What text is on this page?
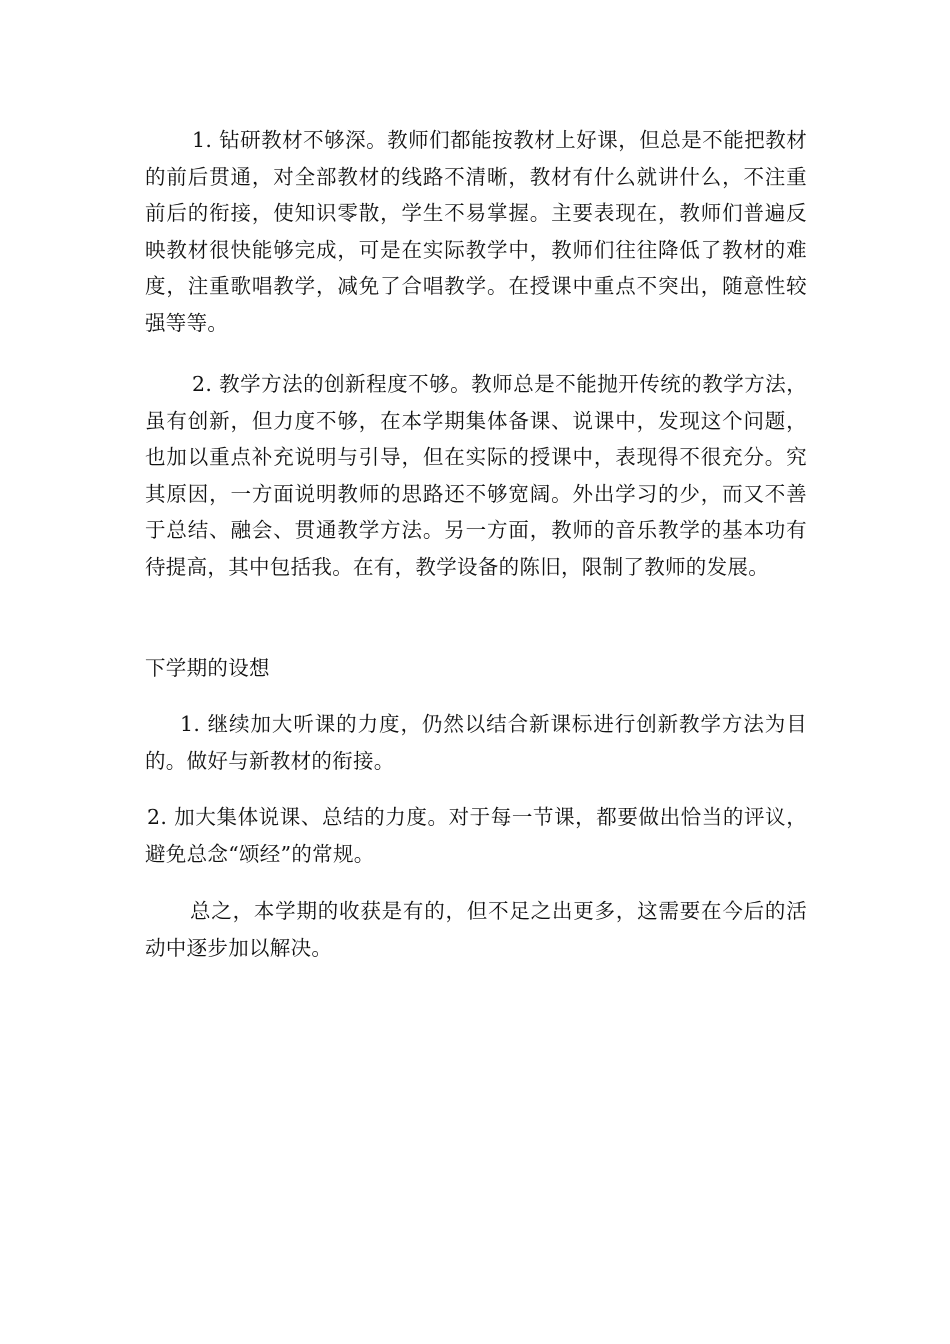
1. 钻研教材不够深。教师们都能按教材上好课，但总是不能把教材的前后贯通，对全部教材的线路不清晰，教材有什么就讲什么，不注重前后的衔接，使知识零散，学生不易掌握。主要表现在，教师们普遍反映教材很快能够完成，可是在实际教学中，教师们往往降低了教材的难度，注重歌唱教学，减免了合唱教学。在授课中重点不突出，随意性较强等等。

2. 教学方法的创新程度不够。教师总是不能抛开传统的教学方法，虽有创新，但力度不够，在本学期集体备课、说课中，发现这个问题，也加以重点补充说明与引导，但在实际的授课中，表现得不很充分。究其原因，一方面说明教师的思路还不够宽阔。外出学习的少，而又不善于总结、融会、贯通教学方法。另一方面，教师的音乐教学的基本功有待提高，其中包括我。在有，教学设备的陈旧，限制了教师的发展。

下学期的设想

1. 继续加大听课的力度，仍然以结合新课标进行创新教学方法为目的。做好与新教材的衔接。

2. 加大集体说课、总结的力度。对于每一节课，都要做出恰当的评议，避免总念“颂经”的常规。

总之，本学期的收获是有的，但不足之出更多，这需要在今后的活动中逐步加以解决。
